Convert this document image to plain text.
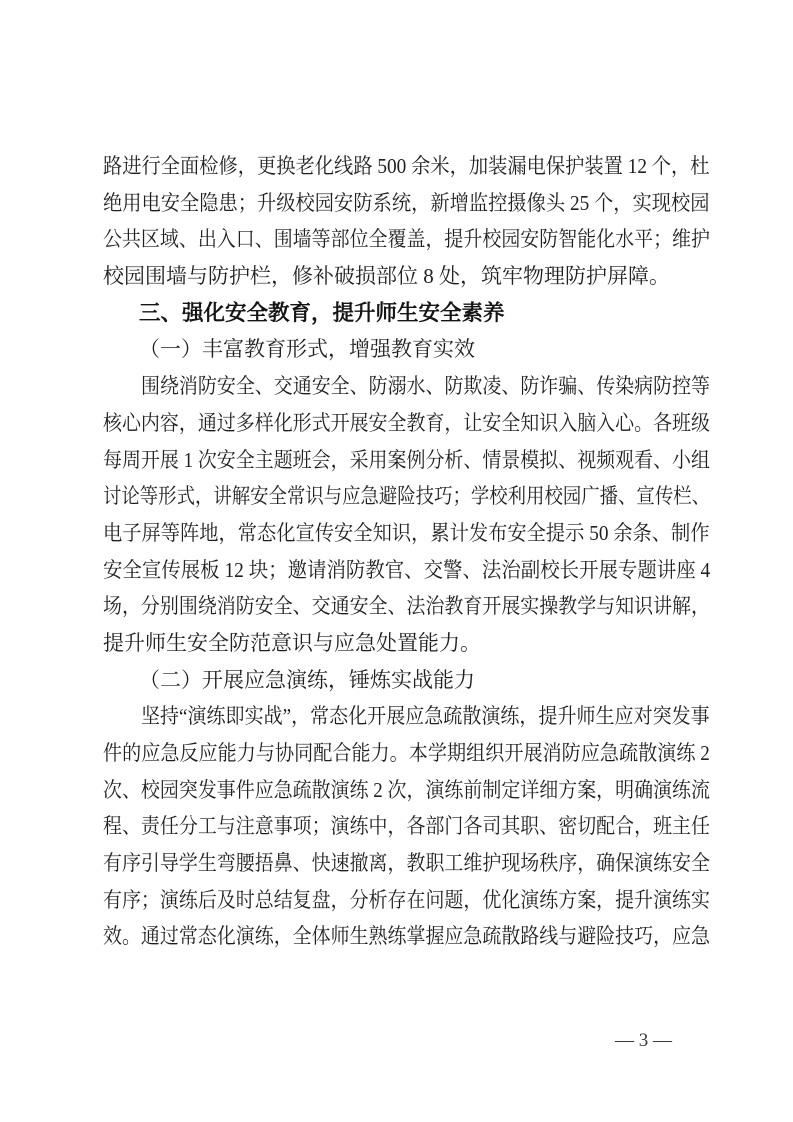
路进行全面检修，更换老化线路 500 余米，加装漏电保护装置 12 个，杜

绝用电安全隐患；升级校园安防系统，新增监控摄像头 25 个，实现校园

公共区域、出入口、围墙等部位全覆盖，提升校园安防智能化水平；维护

校园围墙与防护栏，修补破损部位 8 处，筑牢物理防护屏障。

三、强化安全教育，提升师生安全素养
（一）丰富教育形式，增强教育实效

围绕消防安全、交通安全、防溺水、防欺凌、防诈骗、传染病防控等

核心内容，通过多样化形式开展安全教育，让安全知识入脑入心。各班级

每周开展 1 次安全主题班会，采用案例分析、情景模拟、视频观看、小组

讨论等形式，讲解安全常识与应急避险技巧；学校利用校园广播、宣传栏、

电子屏等阵地，常态化宣传安全知识，累计发布安全提示 50 余条、制作

安全宣传展板 12 块；邀请消防教官、交警、法治副校长开展专题讲座 4

场，分别围绕消防安全、交通安全、法治教育开展实操教学与知识讲解，

提升师生安全防范意识与应急处置能力。

（二）开展应急演练，锤炼实战能力

坚持“演练即实战”，常态化开展应急疏散演练，提升师生应对突发事

件的应急反应能力与协同配合能力。本学期组织开展消防应急疏散演练 2

次、校园突发事件应急疏散演练 2 次，演练前制定详细方案，明确演练流

程、责任分工与注意事项；演练中，各部门各司其职、密切配合，班主任

有序引导学生弯腰捂鼻、快速撤离，教职工维护现场秩序，确保演练安全

有序；演练后及时总结复盘，分析存在问题，优化演练方案，提升演练实

效。通过常态化演练，全体师生熟练掌握应急疏散路线与避险技巧，应急

— 3 —
